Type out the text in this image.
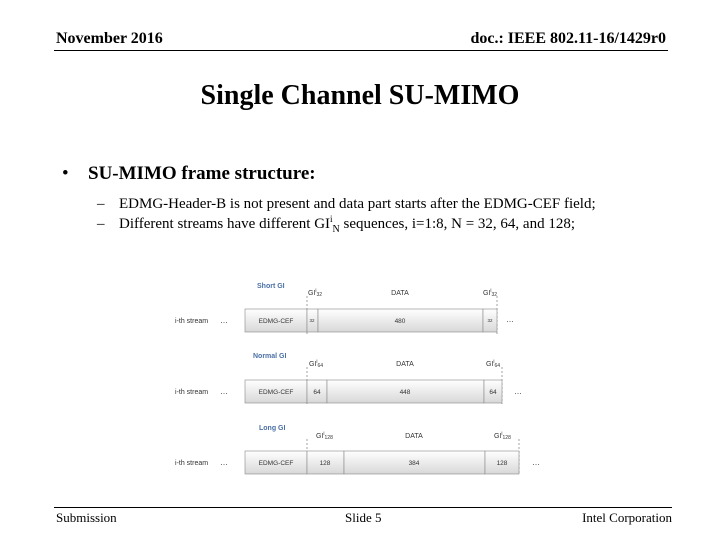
November 2016	doc.: IEEE 802.11-16/1429r0
Single Channel SU-MIMO
• SU-MIMO frame structure:
– EDMG-Header-B is not present and data part starts after the EDMG-CEF field;
– Different streams have different $GI^i_N$ sequences, i=1:8, N = 32, 64, and 128;
Short GI
$GI^i_{32}$	DATA	$GI^i_{32}$
i-th stream …	EDMG-CEF	32	480	32 …
Normal GI
$GI^i_{64}$	DATA	$GI^i_{64}$
i-th stream …	EDMG-CEF	64	448	64 …
Long GI
$GI^i_{128}$	DATA	$GI^i_{128}$
i-th stream …	EDMG-CEF	128	384	128	…
Submission	Slide 5	Intel Corporation
